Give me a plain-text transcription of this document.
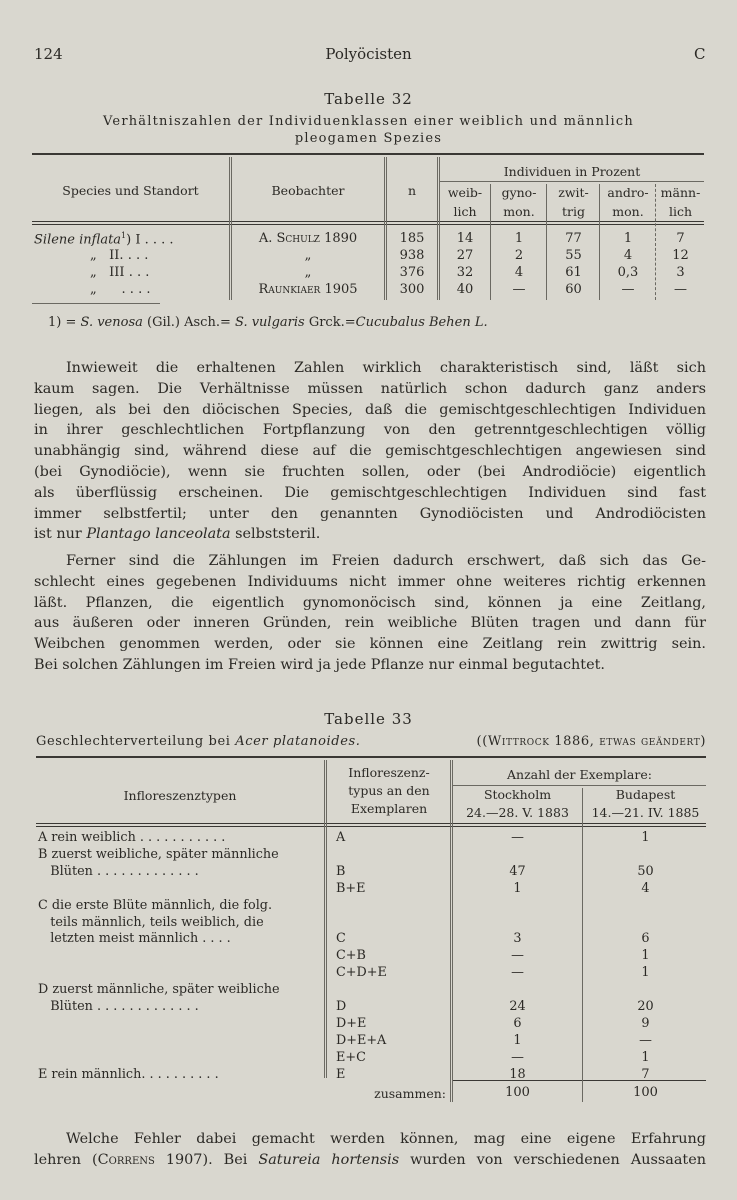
124	Polyöcisten	C
Tabelle 32
Verhältniszahlen der Individuenklassen einer weiblich und männlich
pleogamen Spezies
Species und Standort	Beobachter	n
Individuen in Prozent
weib-
lich
gyno-
mon.
zwit-
trig
andro-
mon.
männ-
lich
Silene inflata$^1$) I . . . .	A. Schulz 1890	185	14	1	77	1	7
„ II. . . .	„	938	27	2	55	4	12
„ III . . .	„	376	32	4	61	0,3	3
„ . . . .	Raunkiaer 1905	300	40	—	60	—	—
1) = S. venosa (Gil.) Asch.= S. vulgaris Grck.=Cucubalus Behen L.
Inwieweit die erhaltenen Zahlen wirklich charakteristisch sind, läßt sich
kaum sagen. Die Verhältnisse müssen natürlich schon dadurch ganz anders
liegen, als bei den diöcischen Species, daß die gemischtgeschlechtigen Individuen
in ihrer geschlechtlichen Fortpflanzung von den getrenntgeschlechtigen völlig
unabhängig sind, während diese auf die gemischtgeschlechtigen angewiesen sind
(bei Gynodiöcie), wenn sie fruchten sollen, oder (bei Androdiöcie) eigentlich
als überflüssig erscheinen. Die gemischtgeschlechtigen Individuen sind fast
immer selbstfertil; unter den genannten Gynodiöcisten und Androdiöcisten
ist nur Plantago lanceolata selbststeril.
Ferner sind die Zählungen im Freien dadurch erschwert, daß sich das Ge-
schlecht eines gegebenen Individuums nicht immer ohne weiteres richtig erkennen
läßt. Pflanzen, die eigentlich gynomonöcisch sind, können ja eine Zeitlang,
aus äußeren oder inneren Gründen, rein weibliche Blüten tragen und dann für
Weibchen genommen werden, oder sie können eine Zeitlang rein zwittrig sein.
Bei solchen Zählungen im Freien wird ja jede Pflanze nur einmal begutachtet.
Tabelle 33
Geschlechterverteilung bei Acer platanoides.	((Wittrock 1886, etwas geändert)
Infloreszenztypen
Infloreszenz-
typus an den
Exemplaren
Anzahl der Exemplare:
Stockholm
24.—28. V. 1883
Budapest
14.—21. IV. 1885
A rein weiblich . . . . . . . . . . .	A	—	1
B zuerst weibliche, später männliche
Blüten . . . . . . . . . . . . .	B	47	50
B+E	1	4
C die erste Blüte männlich, die folg.
teils männlich, teils weiblich, die
letzten meist männlich . . . .	C	3	6
C+B	—	1
C+D+E	—	1
D zuerst männliche, später weibliche
Blüten . . . . . . . . . . . . .	D	24	20
D+E	6	9
D+E+A	1	—
E+C	—	1
E rein männlich. . . . . . . . . .	E	18	7
zusammen:	100	100
Welche Fehler dabei gemacht werden können, mag eine eigene Erfahrung
lehren (Correns 1907). Bei Satureia hortensis wurden von verschiedenen Aussaaten
